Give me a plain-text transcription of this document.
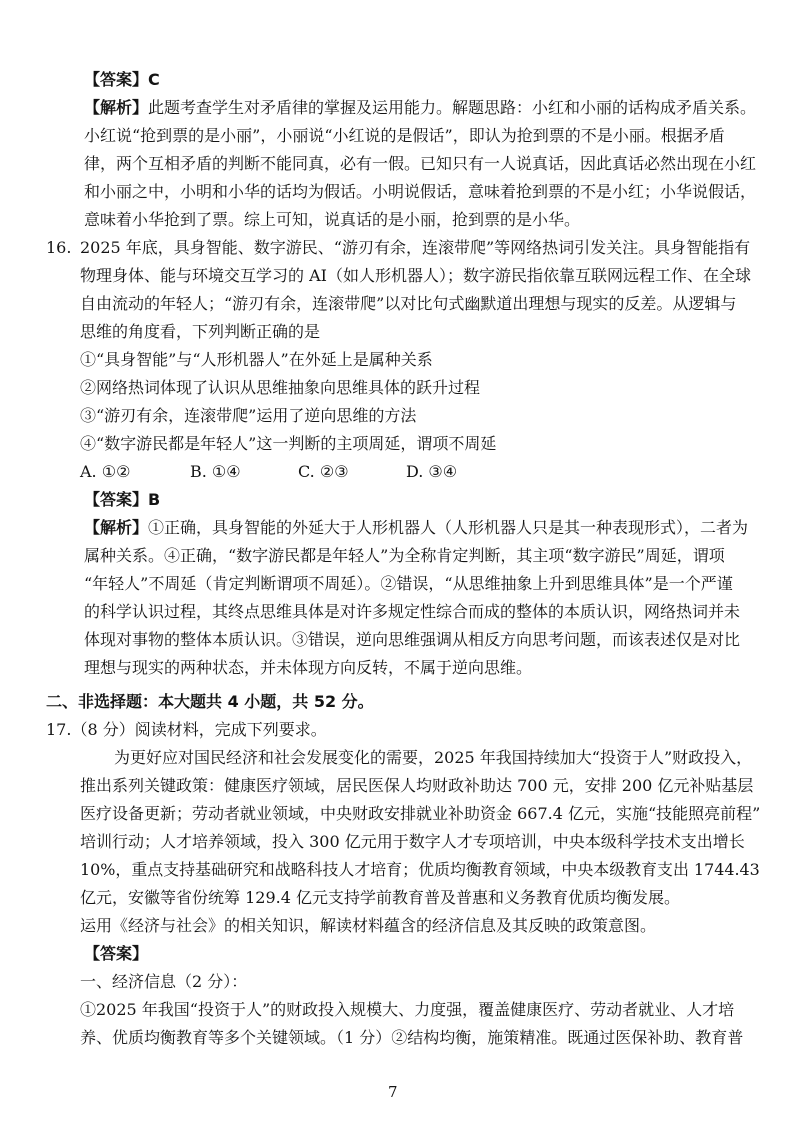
【答案】C
【解析】此题考查学生对矛盾律的掌握及运用能力。解题思路：小红和小丽的话构成矛盾关系。
小红说“抢到票的是小丽”，小丽说“小红说的是假话”，即认为抢到票的不是小丽。根据矛盾
律，两个互相矛盾的判断不能同真，必有一假。已知只有一人说真话，因此真话必然出现在小红
和小丽之中，小明和小华的话均为假话。小明说假话，意味着抢到票的不是小红；小华说假话，
意味着小华抢到了票。综上可知，说真话的是小丽，抢到票的是小华。
16. 2025 年底，具身智能、数字游民、“游刃有余，连滚带爬”等网络热词引发关注。具身智能指有
物理身体、能与环境交互学习的 AI（如人形机器人）；数字游民指依靠互联网远程工作、在全球
自由流动的年轻人；“游刃有余，连滚带爬”以对比句式幽默道出理想与现实的反差。从逻辑与
思维的角度看，下列判断正确的是
①“具身智能”与“人形机器人”在外延上是属种关系
②网络热词体现了认识从思维抽象向思维具体的跃升过程
③“游刃有余，连滚带爬”运用了逆向思维的方法
④“数字游民都是年轻人”这一判断的主项周延，谓项不周延
A. ①②	B. ①④	C. ②③	D. ③④
【答案】B
【解析】①正确，具身智能的外延大于人形机器人（人形机器人只是其一种表现形式），二者为
属种关系。④正确，“数字游民都是年轻人”为全称肯定判断，其主项“数字游民”周延，谓项
“年轻人”不周延（肯定判断谓项不周延）。②错误，“从思维抽象上升到思维具体”是一个严谨
的科学认识过程，其终点思维具体是对许多规定性综合而成的整体的本质认识，网络热词并未
体现对事物的整体本质认识。③错误，逆向思维强调从相反方向思考问题，而该表述仅是对比
理想与现实的两种状态，并未体现方向反转，不属于逆向思维。
二、非选择题：本大题共 4 小题，共 52 分。
17.（8 分）阅读材料，完成下列要求。
为更好应对国民经济和社会发展变化的需要，2025 年我国持续加大“投资于人”财政投入，
推出系列关键政策：健康医疗领域，居民医保人均财政补助达 700 元，安排 200 亿元补贴基层
医疗设备更新；劳动者就业领域，中央财政安排就业补助资金 667.4 亿元，实施“技能照亮前程”
培训行动；人才培养领域，投入 300 亿元用于数字人才专项培训，中央本级科学技术支出增长
10%，重点支持基础研究和战略科技人才培育；优质均衡教育领域，中央本级教育支出 1744.43
亿元，安徽等省份统筹 129.4 亿元支持学前教育普及普惠和义务教育优质均衡发展。
运用《经济与社会》的相关知识，解读材料蕴含的经济信息及其反映的政策意图。
【答案】
一、经济信息（2 分）：
①2025 年我国“投资于人”的财政投入规模大、力度强，覆盖健康医疗、劳动者就业、人才培
养、优质均衡教育等多个关键领域。（1 分）②结构均衡，施策精准。既通过医保补助、教育普
7
